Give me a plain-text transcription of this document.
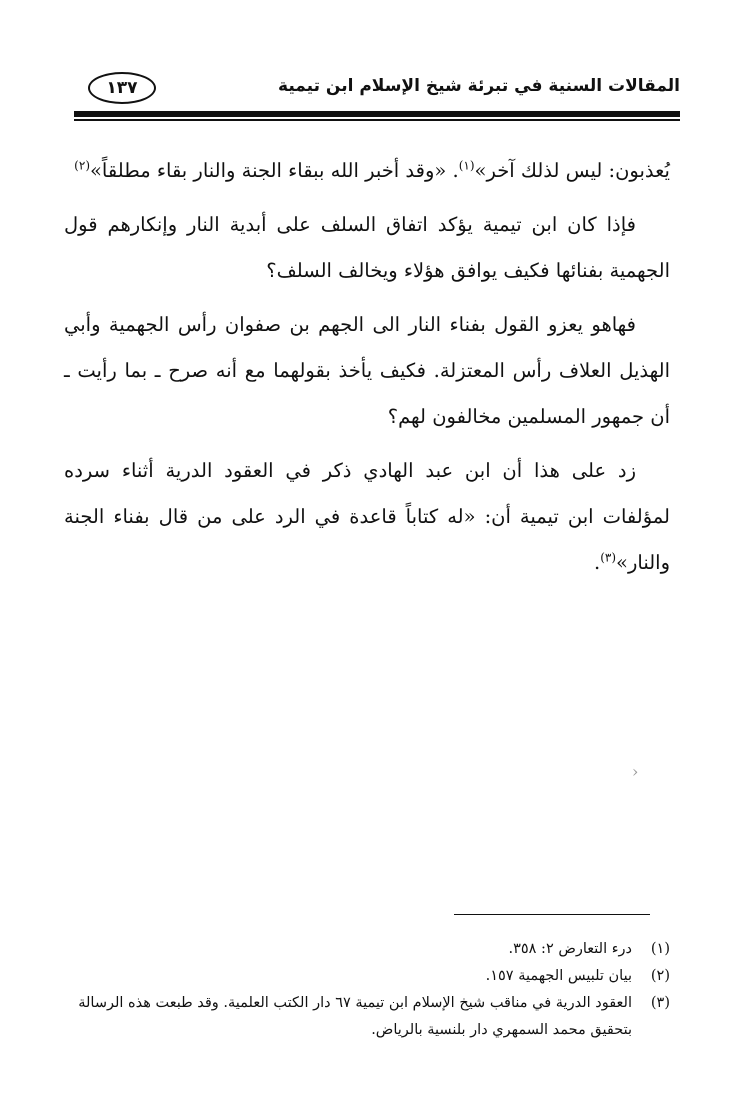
المقالات السنية في تبرئة شيخ الإسلام ابن تيمية
١٣٧

يُعذبون: ليس لذلك آخر»$^{(١)}$. «وقد أخبر الله ببقاء الجنة والنار بقاء مطلقاً»$^{(٢)}$

فإذا كان ابن تيمية يؤكد اتفاق السلف على أبدية النار وإنكارهم قول الجهمية بفنائها فكيف يوافق هؤلاء ويخالف السلف؟

فهاهو يعزو القول بفناء النار الى الجهم بن صفوان رأس الجهمية وأبي الهذيل العلاف رأس المعتزلة. فكيف يأخذ بقولهما مع أنه صرح ـ بما رأيت ـ أن جمهور المسلمين مخالفون لهم؟

زد على هذا أن ابن عبد الهادي ذكر في العقود الدرية أثناء سرده لمؤلفات ابن تيمية أن: «له كتاباً قاعدة في الرد على من قال بفناء الجنة والنار»$^{(٣)}$.

‹
(١)
درء التعارض ٢: ٣٥٨.
(٢)
بيان تلبيس الجهمية ١٥٧.
(٣)
العقود الدرية في مناقب شيخ الإسلام ابن تيمية ٦٧ دار الكتب العلمية. وقد طبعت هذه الرسالة بتحقيق محمد السمهري دار بلنسية بالرياض.
